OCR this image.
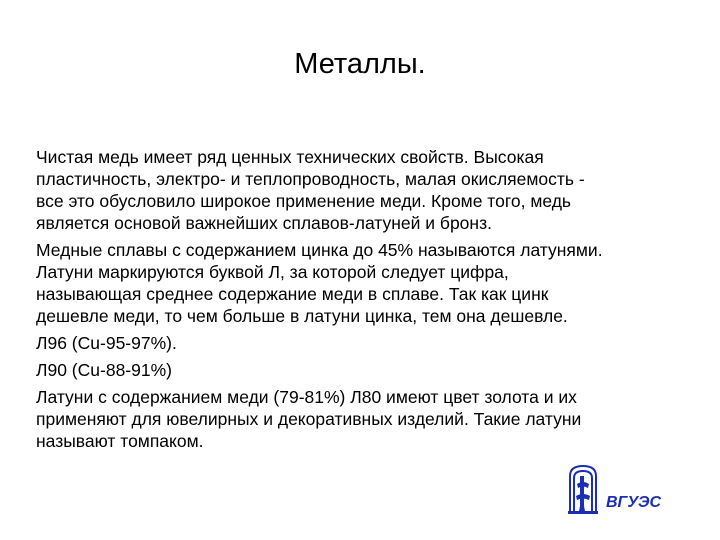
Металлы.

Чистая медь имеет ряд ценных технических свойств. Высокая
пластичность, электро- и теплопроводность, малая окисляемость -
все это обусловило широкое применение меди. Кроме того, медь
является основой важнейших сплавов-латуней и бронз.

Медные сплавы с содержанием цинка до 45% называются латунями.
Латуни маркируются буквой Л, за которой следует цифра,
называющая среднее содержание меди в сплаве. Так как цинк
дешевле меди, то чем больше в латуни цинка, тем она дешевле.

Л96 (Cu-95-97%).

Л90 (Cu-88-91%)

Латуни с содержанием меди (79-81%) Л80 имеют цвет золота и их
применяют для ювелирных и декоративных изделий. Такие латуни
называют томпаком.

ВГУЭС
